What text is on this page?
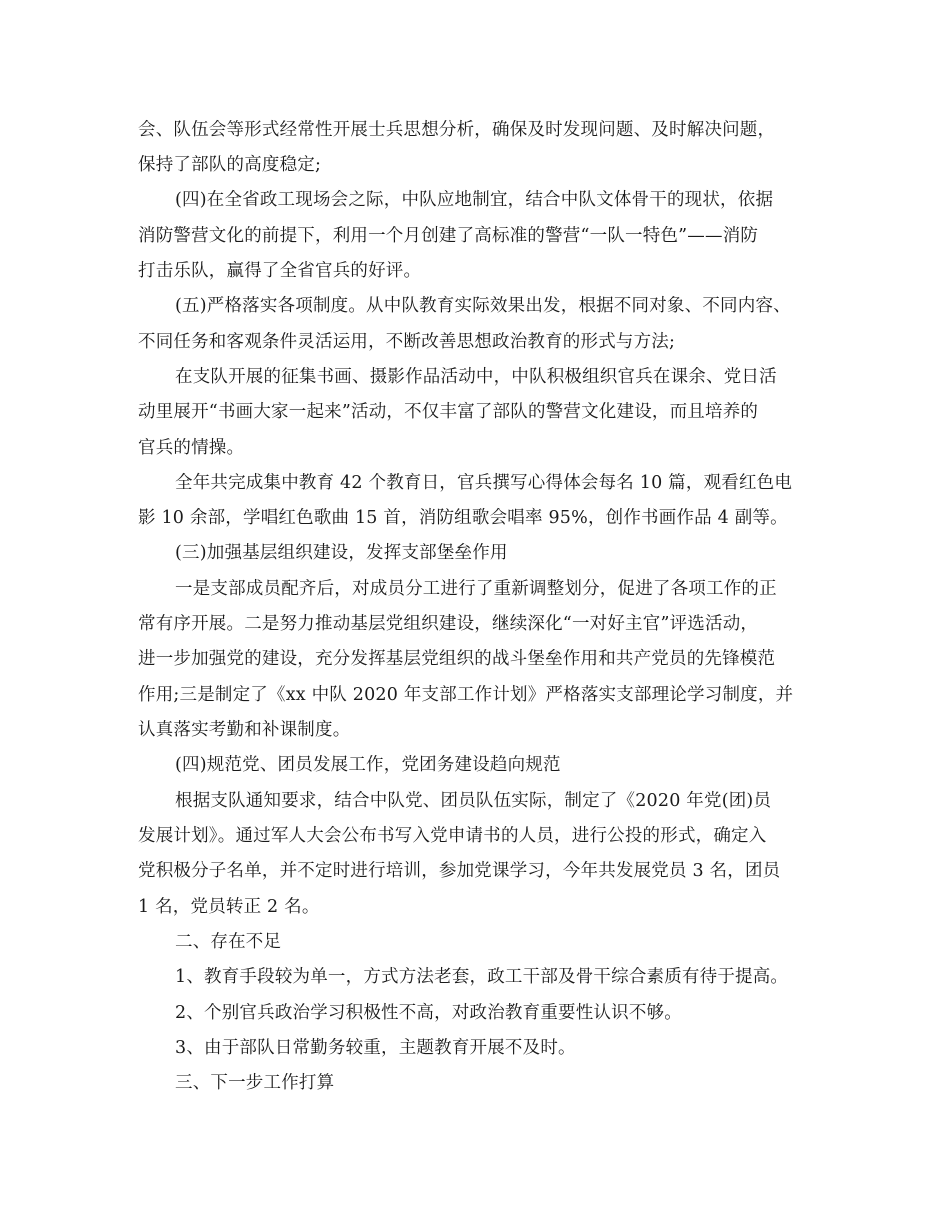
会、队伍会等形式经常性开展士兵思想分析，确保及时发现问题、及时解决问题，
保持了部队的高度稳定;
(四)在全省政工现场会之际，中队应地制宜，结合中队文体骨干的现状，依据
消防警营文化的前提下，利用一个月创建了高标准的警营“一队一特色”——消防
打击乐队，赢得了全省官兵的好评。
(五)严格落实各项制度。从中队教育实际效果出发，根据不同对象、不同内容、
不同任务和客观条件灵活运用，不断改善思想政治教育的形式与方法;
在支队开展的征集书画、摄影作品活动中，中队积极组织官兵在课余、党日活
动里展开“书画大家一起来”活动，不仅丰富了部队的警营文化建设，而且培养的
官兵的情操。
全年共完成集中教育 42 个教育日，官兵撰写心得体会每名 10 篇，观看红色电
影 10 余部，学唱红色歌曲 15 首，消防组歌会唱率 95%，创作书画作品 4 副等。
(三)加强基层组织建设，发挥支部堡垒作用
一是支部成员配齐后，对成员分工进行了重新调整划分，促进了各项工作的正
常有序开展。二是努力推动基层党组织建设，继续深化“一对好主官”评选活动，
进一步加强党的建设，充分发挥基层党组织的战斗堡垒作用和共产党员的先锋模范
作用;三是制定了《xx 中队 2020 年支部工作计划》严格落实支部理论学习制度，并
认真落实考勤和补课制度。
(四)规范党、团员发展工作，党团务建设趋向规范
根据支队通知要求，结合中队党、团员队伍实际，制定了《2020 年党(团)员
发展计划》。通过军人大会公布书写入党申请书的人员，进行公投的形式，确定入
党积极分子名单，并不定时进行培训，参加党课学习，今年共发展党员 3 名，团员
1 名，党员转正 2 名。
二、存在不足
1、教育手段较为单一，方式方法老套，政工干部及骨干综合素质有待于提高。
2、个别官兵政治学习积极性不高，对政治教育重要性认识不够。
3、由于部队日常勤务较重，主题教育开展不及时。
三、下一步工作打算
